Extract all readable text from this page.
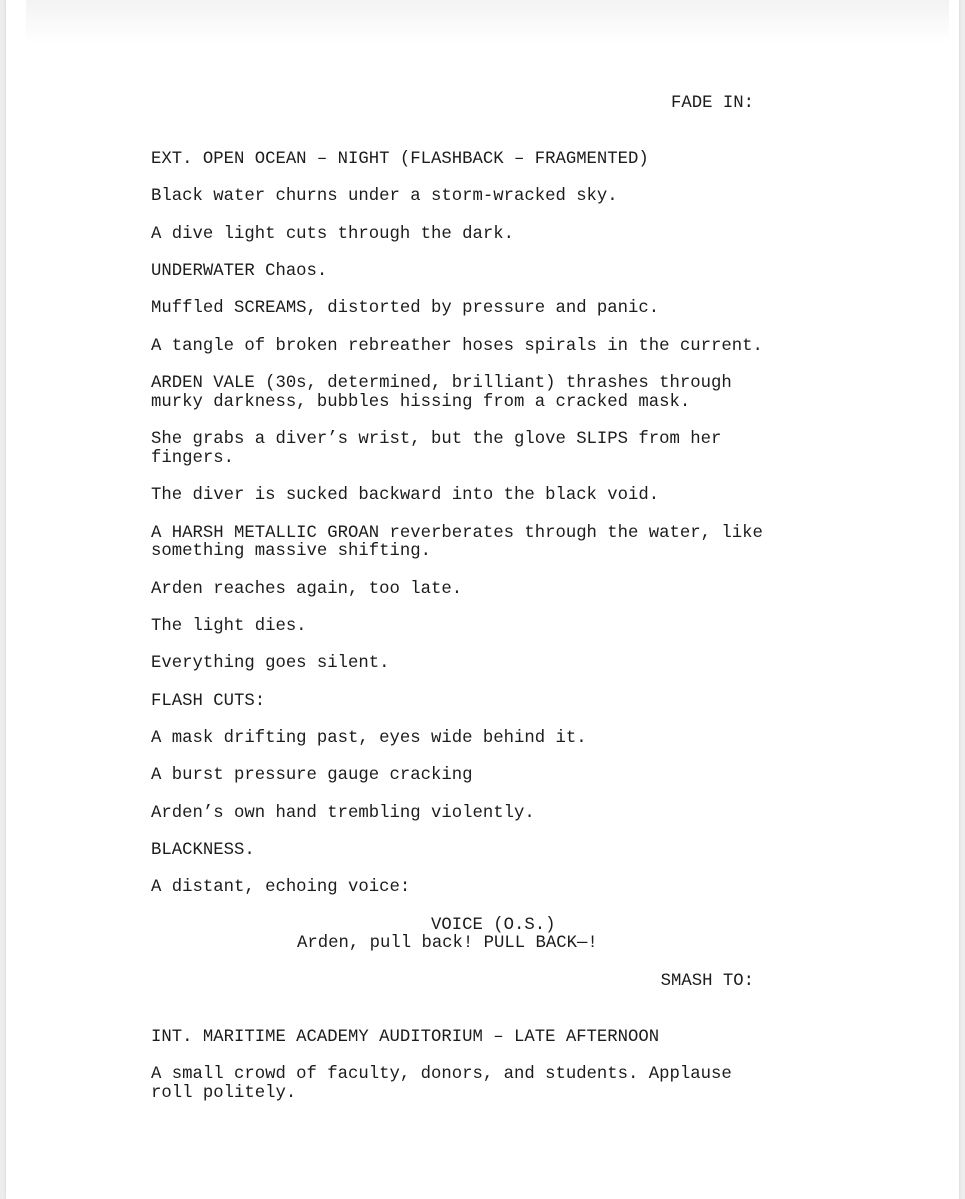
FADE IN:

EXT. OPEN OCEAN – NIGHT (FLASHBACK – FRAGMENTED)

Black water churns under a storm-wracked sky.

A dive light cuts through the dark.

UNDERWATER Chaos.

Muffled SCREAMS, distorted by pressure and panic.

A tangle of broken rebreather hoses spirals in the current.

ARDEN VALE (30s, determined, brilliant) thrashes through

murky darkness, bubbles hissing from a cracked mask.

She grabs a diver’s wrist, but the glove SLIPS from her

fingers.

The diver is sucked backward into the black void.

A HARSH METALLIC GROAN reverberates through the water, like

something massive shifting.

Arden reaches again, too late.

The light dies.

Everything goes silent.

FLASH CUTS:

A mask drifting past, eyes wide behind it.

A burst pressure gauge cracking

Arden’s own hand trembling violently.

BLACKNESS.

A distant, echoing voice:

VOICE (O.S.)

Arden, pull back! PULL BACK—!

SMASH TO:

INT. MARITIME ACADEMY AUDITORIUM – LATE AFTERNOON

A small crowd of faculty, donors, and students. Applause

roll politely.
